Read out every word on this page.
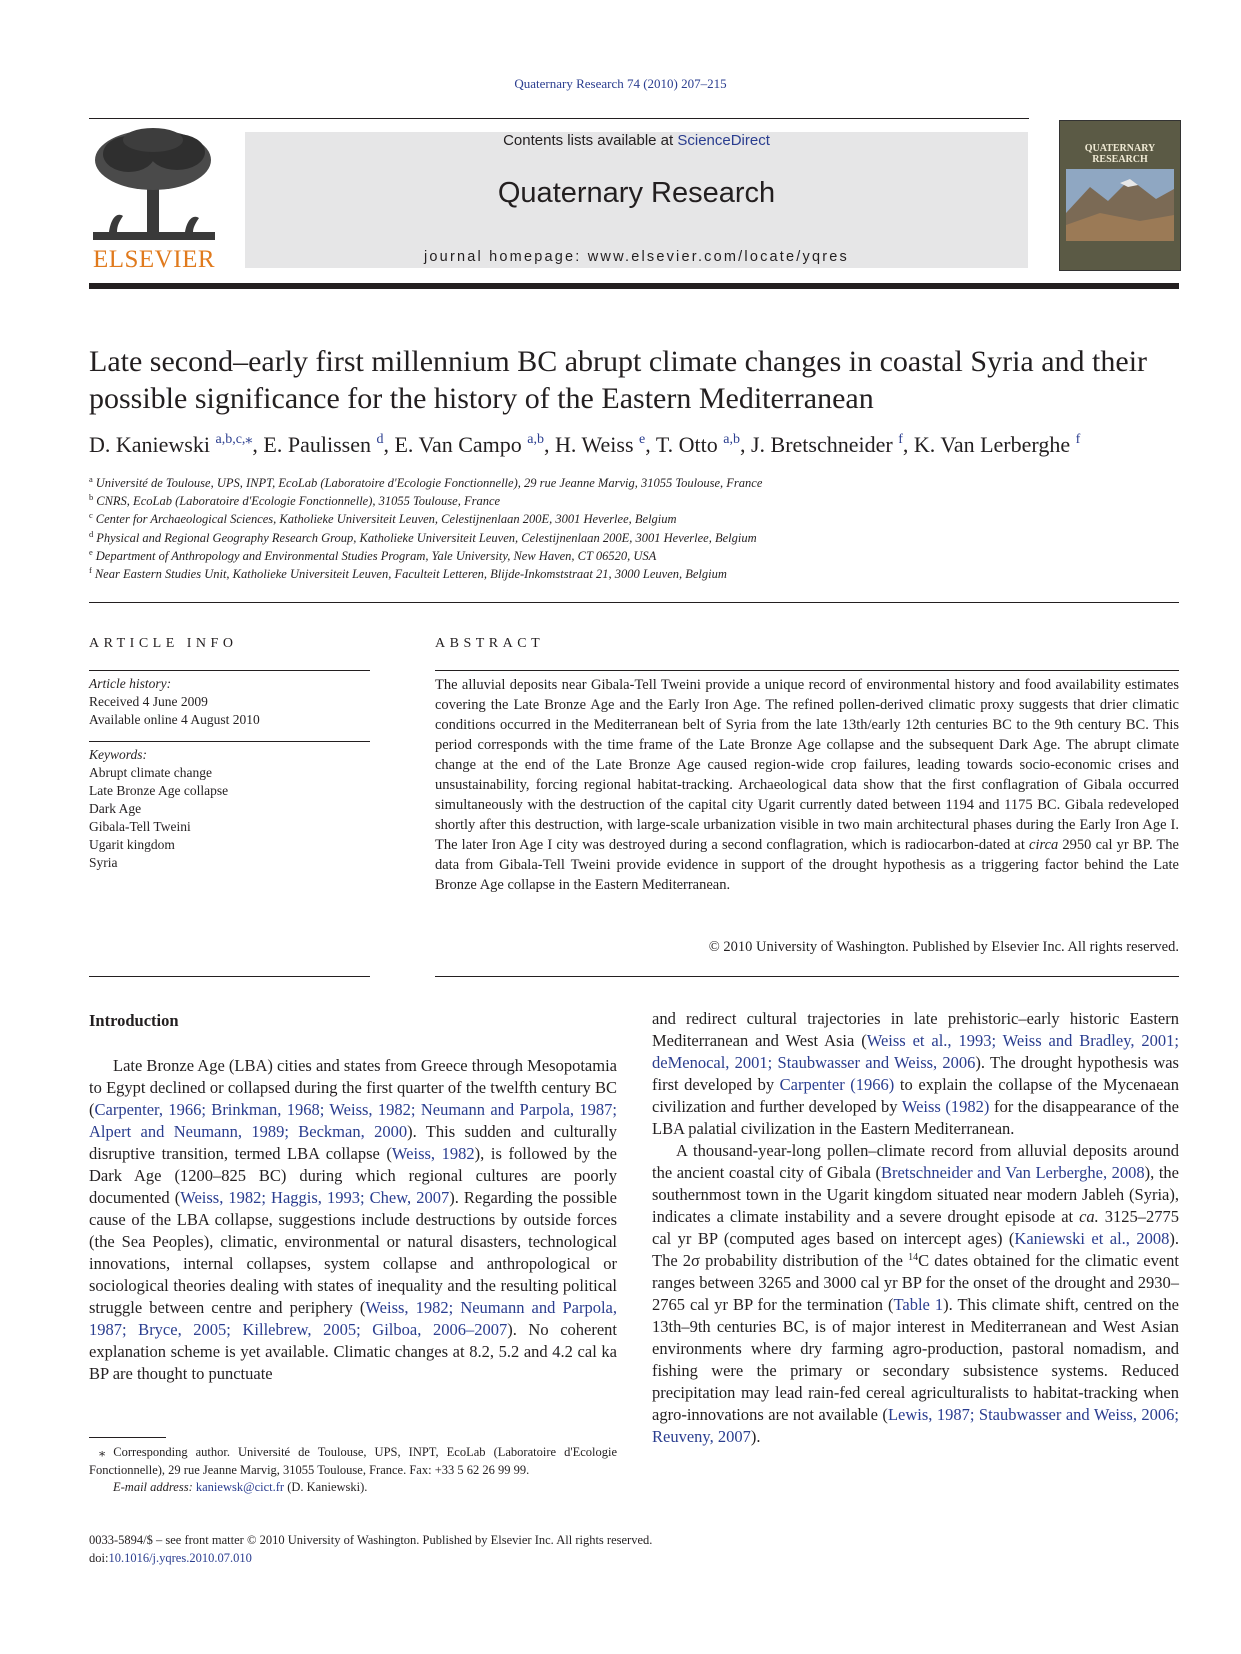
Quaternary Research 74 (2010) 207–215
ELSEVIER
Contents lists available at ScienceDirect
Quaternary Research
journal homepage: www.elsevier.com/locate/yqres
QUATERNARY
RESEARCH
Late second–early first millennium BC abrupt climate changes in coastal Syria and their possible significance for the history of the Eastern Mediterranean
D. Kaniewski $^{a,b,c,⁎}$, E. Paulissen $^d$, E. Van Campo $^{a,b}$, H. Weiss $^e$, T. Otto $^{a,b}$, J. Bretschneider $^f$, K. Van Lerberghe $^f$
$^a$ Université de Toulouse, UPS, INPT, EcoLab (Laboratoire d'Ecologie Fonctionnelle), 29 rue Jeanne Marvig, 31055 Toulouse, France
$^b$ CNRS, EcoLab (Laboratoire d'Ecologie Fonctionnelle), 31055 Toulouse, France
$^c$ Center for Archaeological Sciences, Katholieke Universiteit Leuven, Celestijnenlaan 200E, 3001 Heverlee, Belgium
$^d$ Physical and Regional Geography Research Group, Katholieke Universiteit Leuven, Celestijnenlaan 200E, 3001 Heverlee, Belgium
$^e$ Department of Anthropology and Environmental Studies Program, Yale University, New Haven, CT 06520, USA
$^f$ Near Eastern Studies Unit, Katholieke Universiteit Leuven, Faculteit Letteren, Blijde-Inkomststraat 21, 3000 Leuven, Belgium
ARTICLE INFO
Article history:
Received 4 June 2009
Available online 4 August 2010
Keywords:
Abrupt climate change
Late Bronze Age collapse
Dark Age
Gibala-Tell Tweini
Ugarit kingdom
Syria
ABSTRACT
The alluvial deposits near Gibala-Tell Tweini provide a unique record of environmental history and food availability estimates covering the Late Bronze Age and the Early Iron Age. The refined pollen-derived climatic proxy suggests that drier climatic conditions occurred in the Mediterranean belt of Syria from the late 13th/early 12th centuries BC to the 9th century BC. This period corresponds with the time frame of the Late Bronze Age collapse and the subsequent Dark Age. The abrupt climate change at the end of the Late Bronze Age caused region-wide crop failures, leading towards socio-economic crises and unsustainability, forcing regional habitat-tracking. Archaeological data show that the first conflagration of Gibala occurred simultaneously with the destruction of the capital city Ugarit currently dated between 1194 and 1175 BC. Gibala redeveloped shortly after this destruction, with large-scale urbanization visible in two main architectural phases during the Early Iron Age I. The later Iron Age I city was destroyed during a second conflagration, which is radiocarbon-dated at circa 2950 cal yr BP. The data from Gibala-Tell Tweini provide evidence in support of the drought hypothesis as a triggering factor behind the Late Bronze Age collapse in the Eastern Mediterranean.
© 2010 University of Washington. Published by Elsevier Inc. All rights reserved.
Introduction

Late Bronze Age (LBA) cities and states from Greece through Mesopotamia to Egypt declined or collapsed during the first quarter of the twelfth century BC (Carpenter, 1966; Brinkman, 1968; Weiss, 1982; Neumann and Parpola, 1987; Alpert and Neumann, 1989; Beckman, 2000). This sudden and culturally disruptive transition, termed LBA collapse (Weiss, 1982), is followed by the Dark Age (1200–825 BC) during which regional cultures are poorly documented (Weiss, 1982; Haggis, 1993; Chew, 2007). Regarding the possible cause of the LBA collapse, suggestions include destructions by outside forces (the Sea Peoples), climatic, environmental or natural disasters, technological innovations, internal collapses, system collapse and anthropological or sociological theories dealing with states of inequality and the resulting political struggle between centre and periphery (Weiss, 1982; Neumann and Parpola, 1987; Bryce, 2005; Killebrew, 2005; Gilboa, 2006–2007). No coherent explanation scheme is yet available. Climatic changes at 8.2, 5.2 and 4.2 cal ka BP are thought to punctuate

and redirect cultural trajectories in late prehistoric–early historic Eastern Mediterranean and West Asia (Weiss et al., 1993; Weiss and Bradley, 2001; deMenocal, 2001; Staubwasser and Weiss, 2006). The drought hypothesis was first developed by Carpenter (1966) to explain the collapse of the Mycenaean civilization and further developed by Weiss (1982) for the disappearance of the LBA palatial civilization in the Eastern Mediterranean.

A thousand-year-long pollen–climate record from alluvial deposits around the ancient coastal city of Gibala (Bretschneider and Van Lerberghe, 2008), the southernmost town in the Ugarit kingdom situated near modern Jableh (Syria), indicates a climate instability and a severe drought episode at ca. 3125–2775 cal yr BP (computed ages based on intercept ages) (Kaniewski et al., 2008). The 2σ probability distribution of the $^{14}$C dates obtained for the climatic event ranges between 3265 and 3000 cal yr BP for the onset of the drought and 2930–2765 cal yr BP for the termination (Table 1). This climate shift, centred on the 13th–9th centuries BC, is of major interest in Mediterranean and West Asian environments where dry farming agro-production, pastoral nomadism, and fishing were the primary or secondary subsistence systems. Reduced precipitation may lead rain-fed cereal agriculturalists to habitat-tracking when agro-innovations are not available (Lewis, 1987; Staubwasser and Weiss, 2006; Reuveny, 2007).

⁎ Corresponding author. Université de Toulouse, UPS, INPT, EcoLab (Laboratoire d'Ecologie Fonctionnelle), 29 rue Jeanne Marvig, 31055 Toulouse, France. Fax: +33 5 62 26 99 99.

E-mail address: kaniewsk@cict.fr (D. Kaniewski).

0033-5894/$ – see front matter © 2010 University of Washington. Published by Elsevier Inc. All rights reserved.
doi:10.1016/j.yqres.2010.07.010
